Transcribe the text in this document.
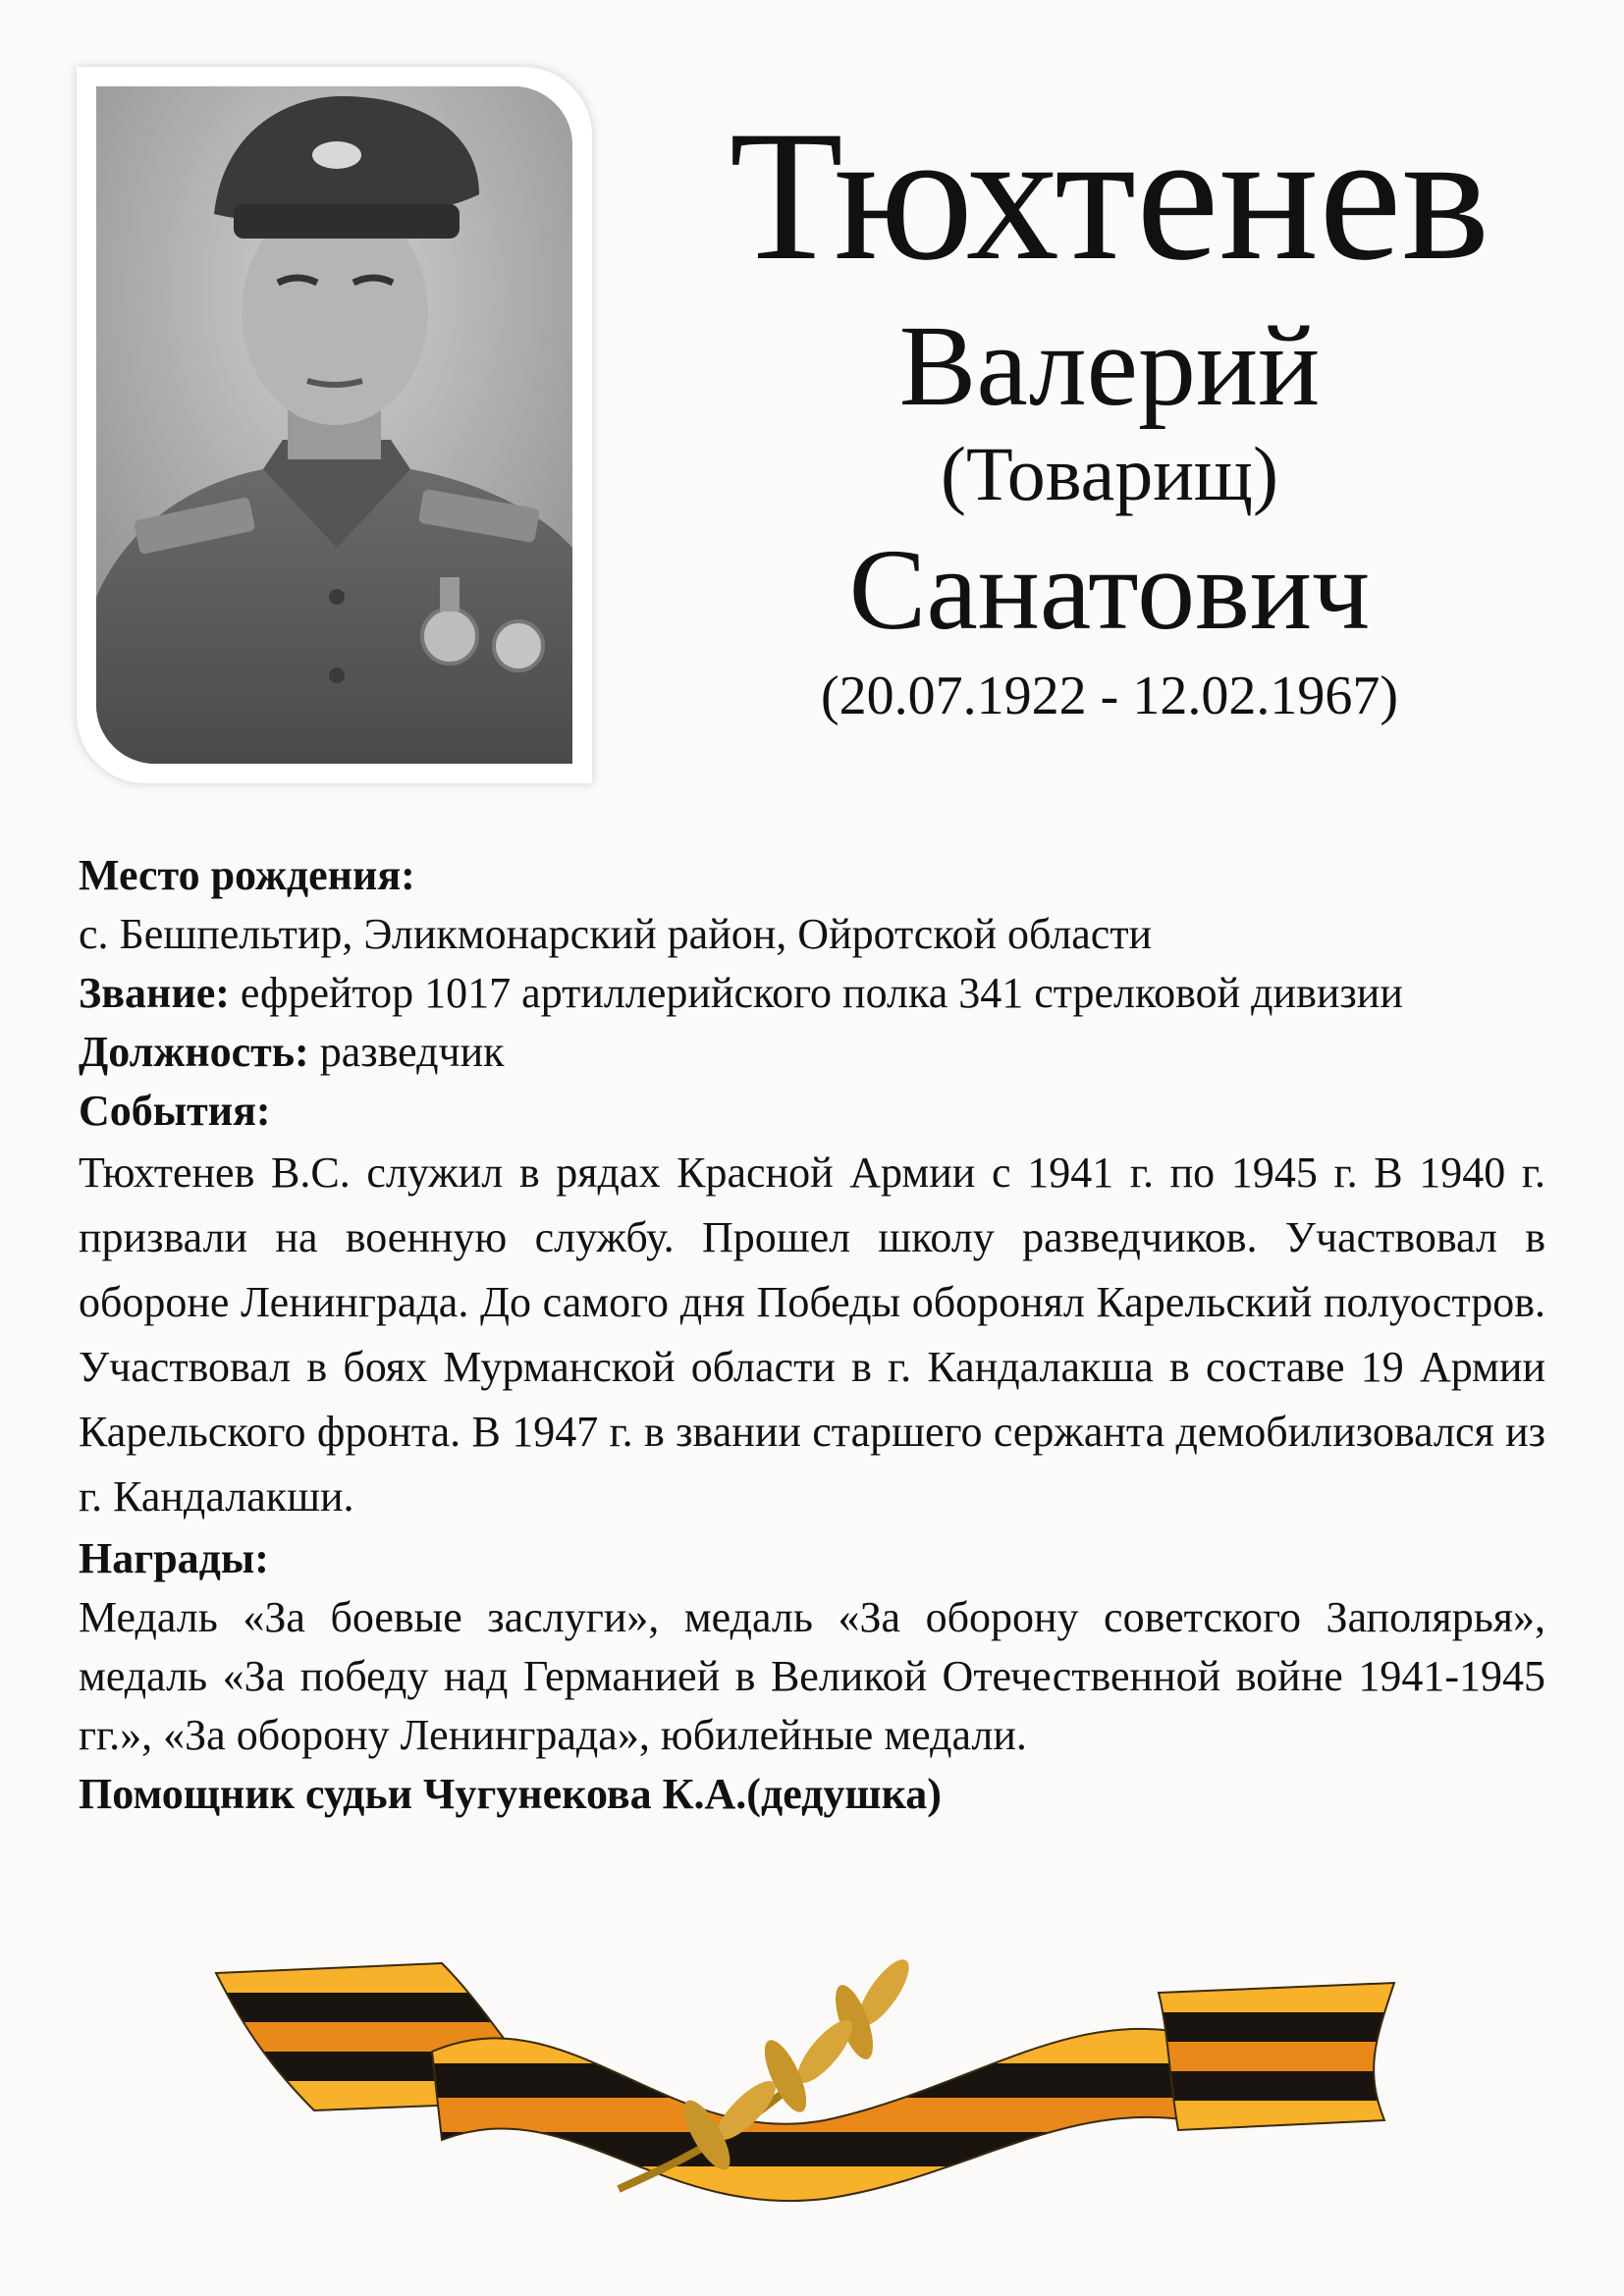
Тюхтенев
Валерий
(Товарищ)
Санатович
(20.07.1922 - 12.02.1967)

Место рождения:

с. Бешпельтир, Эликмонарский район, Ойротской области

Звание: ефрейтор 1017 артиллерийского полка 341 стрелковой дивизии

Должность: разведчик

События:

Тюхтенев В.С. служил в рядах Красной Армии с 1941 г. по 1945 г. В 1940 г. призвали на военную службу. Прошел школу разведчиков. Участвовал в обороне Ленинграда. До самого дня Победы оборонял Карельский полуостров. Участвовал в боях Мурманской области в г. Кандалакша в составе 19 Армии Карельского фронта. В 1947 г. в звании старшего сержанта демобилизовался из г. Кандалакши.

Награды:

Медаль «За боевые заслуги», медаль «За оборону советского Заполярья», медаль «За победу над Германией в Великой Отечественной войне 1941-1945 гг.», «За оборону Ленинграда», юбилейные медали.

Помощник судьи Чугунекова К.А.(дедушка)
